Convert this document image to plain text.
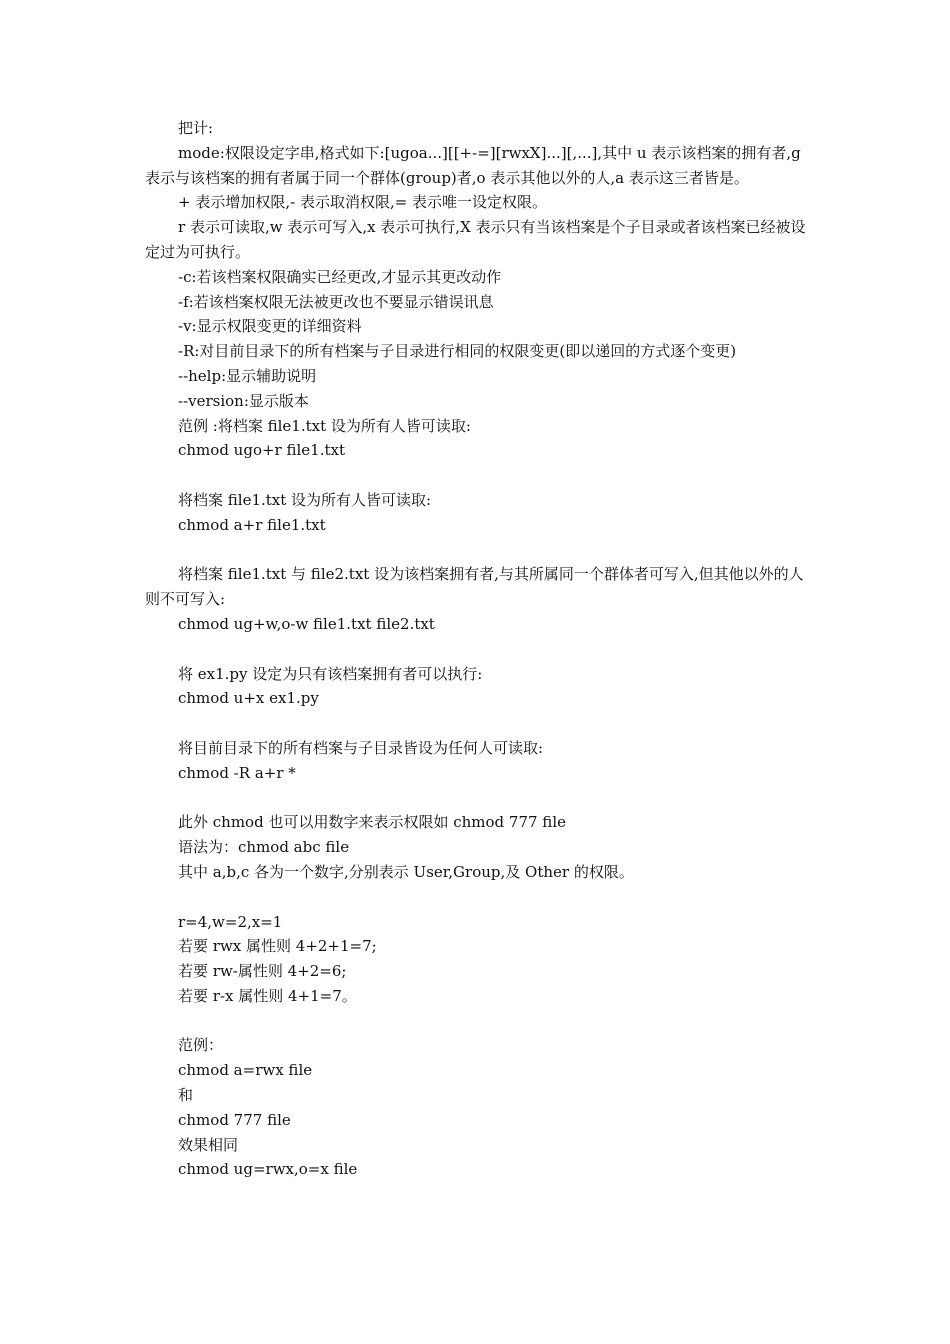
把计:
mode:权限设定字串,格式如下:[ugoa...][[+-=][rwxX]...][,...],其中 u 表示该档案的拥有者,g 表示与该档案的拥有者属于同一个群体(group)者,o 表示其他以外的人,a 表示这三者皆是。
+ 表示增加权限,- 表示取消权限,= 表示唯一设定权限。
r 表示可读取,w 表示可写入,x 表示可执行,X 表示只有当该档案是个子目录或者该档案已经被设定过为可执行。
-c:若该档案权限确实已经更改,才显示其更改动作
-f:若该档案权限无法被更改也不要显示错误讯息
-v:显示权限变更的详细资料
-R:对目前目录下的所有档案与子目录进行相同的权限变更(即以递回的方式逐个变更)
--help:显示辅助说明
--version:显示版本
范例 :将档案 file1.txt 设为所有人皆可读取:
chmod ugo+r file1.txt
将档案 file1.txt 设为所有人皆可读取:
chmod a+r file1.txt
将档案 file1.txt 与 file2.txt 设为该档案拥有者,与其所属同一个群体者可写入,但其他以外的人则不可写入:
chmod ug+w,o-w file1.txt file2.txt
将 ex1.py 设定为只有该档案拥有者可以执行:
chmod u+x ex1.py
将目前目录下的所有档案与子目录皆设为任何人可读取:
chmod -R a+r *
此外 chmod 也可以用数字来表示权限如 chmod 777 file
语法为：chmod abc file
其中 a,b,c 各为一个数字,分别表示 User,Group,及 Other 的权限。
r=4,w=2,x=1
若要 rwx 属性则 4+2+1=7;
若要 rw-属性则 4+2=6;
若要 r-x 属性则 4+1=7。
范例：
chmod a=rwx file
和
chmod 777 file
效果相同
chmod ug=rwx,o=x file
